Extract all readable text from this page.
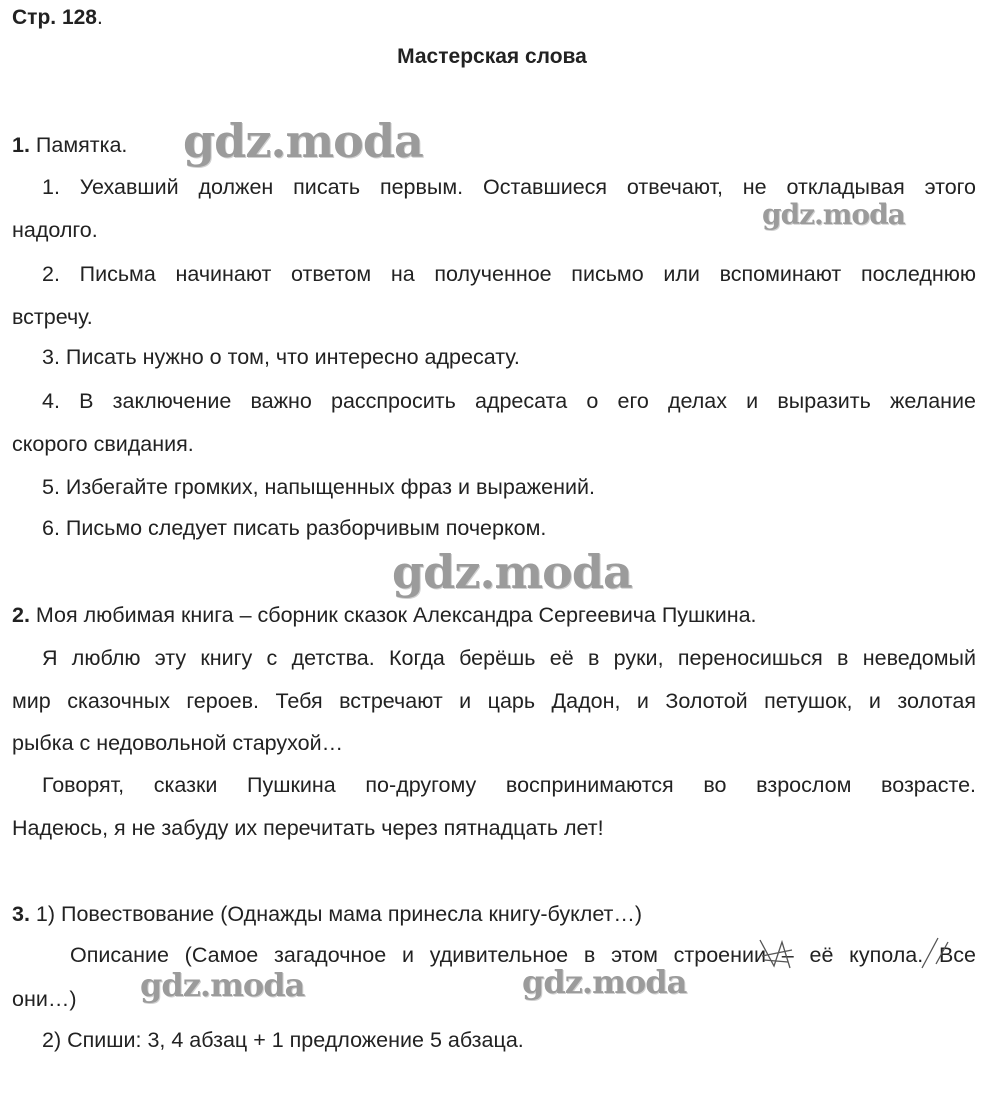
Стр. 128.
Мастерская слова
1. Памятка.
1. Уехавший должен писать первым. Оставшиеся отвечают, не откладывая этого
надолго.
2. Письма начинают ответом на полученное письмо или вспоминают последнюю
встречу.
3. Писать нужно о том, что интересно адресату.
4. В заключение важно расспросить адресата о его делах и выразить желание
скорого свидания.
5. Избегайте громких, напыщенных фраз и выражений.
6. Письмо следует писать разборчивым почерком.
2. Моя любимая книга – сборник сказок Александра Сергеевича Пушкина.
Я люблю эту книгу с детства. Когда берёшь её в руки, переносишься в неведомый
мир сказочных героев. Тебя встречают и царь Дадон, и Золотой петушок, и золотая
рыбка с недовольной старухой…
Говорят, сказки Пушкина по-другому воспринимаются во взрослом возрасте.
Надеюсь, я не забуду их перечитать через пятнадцать лет!
3. 1) Повествование (Однажды мама принесла книгу-буклет…)
Описание (Самое загадочное и удивительное в этом строении – её купола. Все
они…)
2) Спиши: 3, 4 абзац + 1 предложение 5 абзаца.
gdz.moda
gdz.moda
gdz.moda
gdz.moda	gdz.moda
